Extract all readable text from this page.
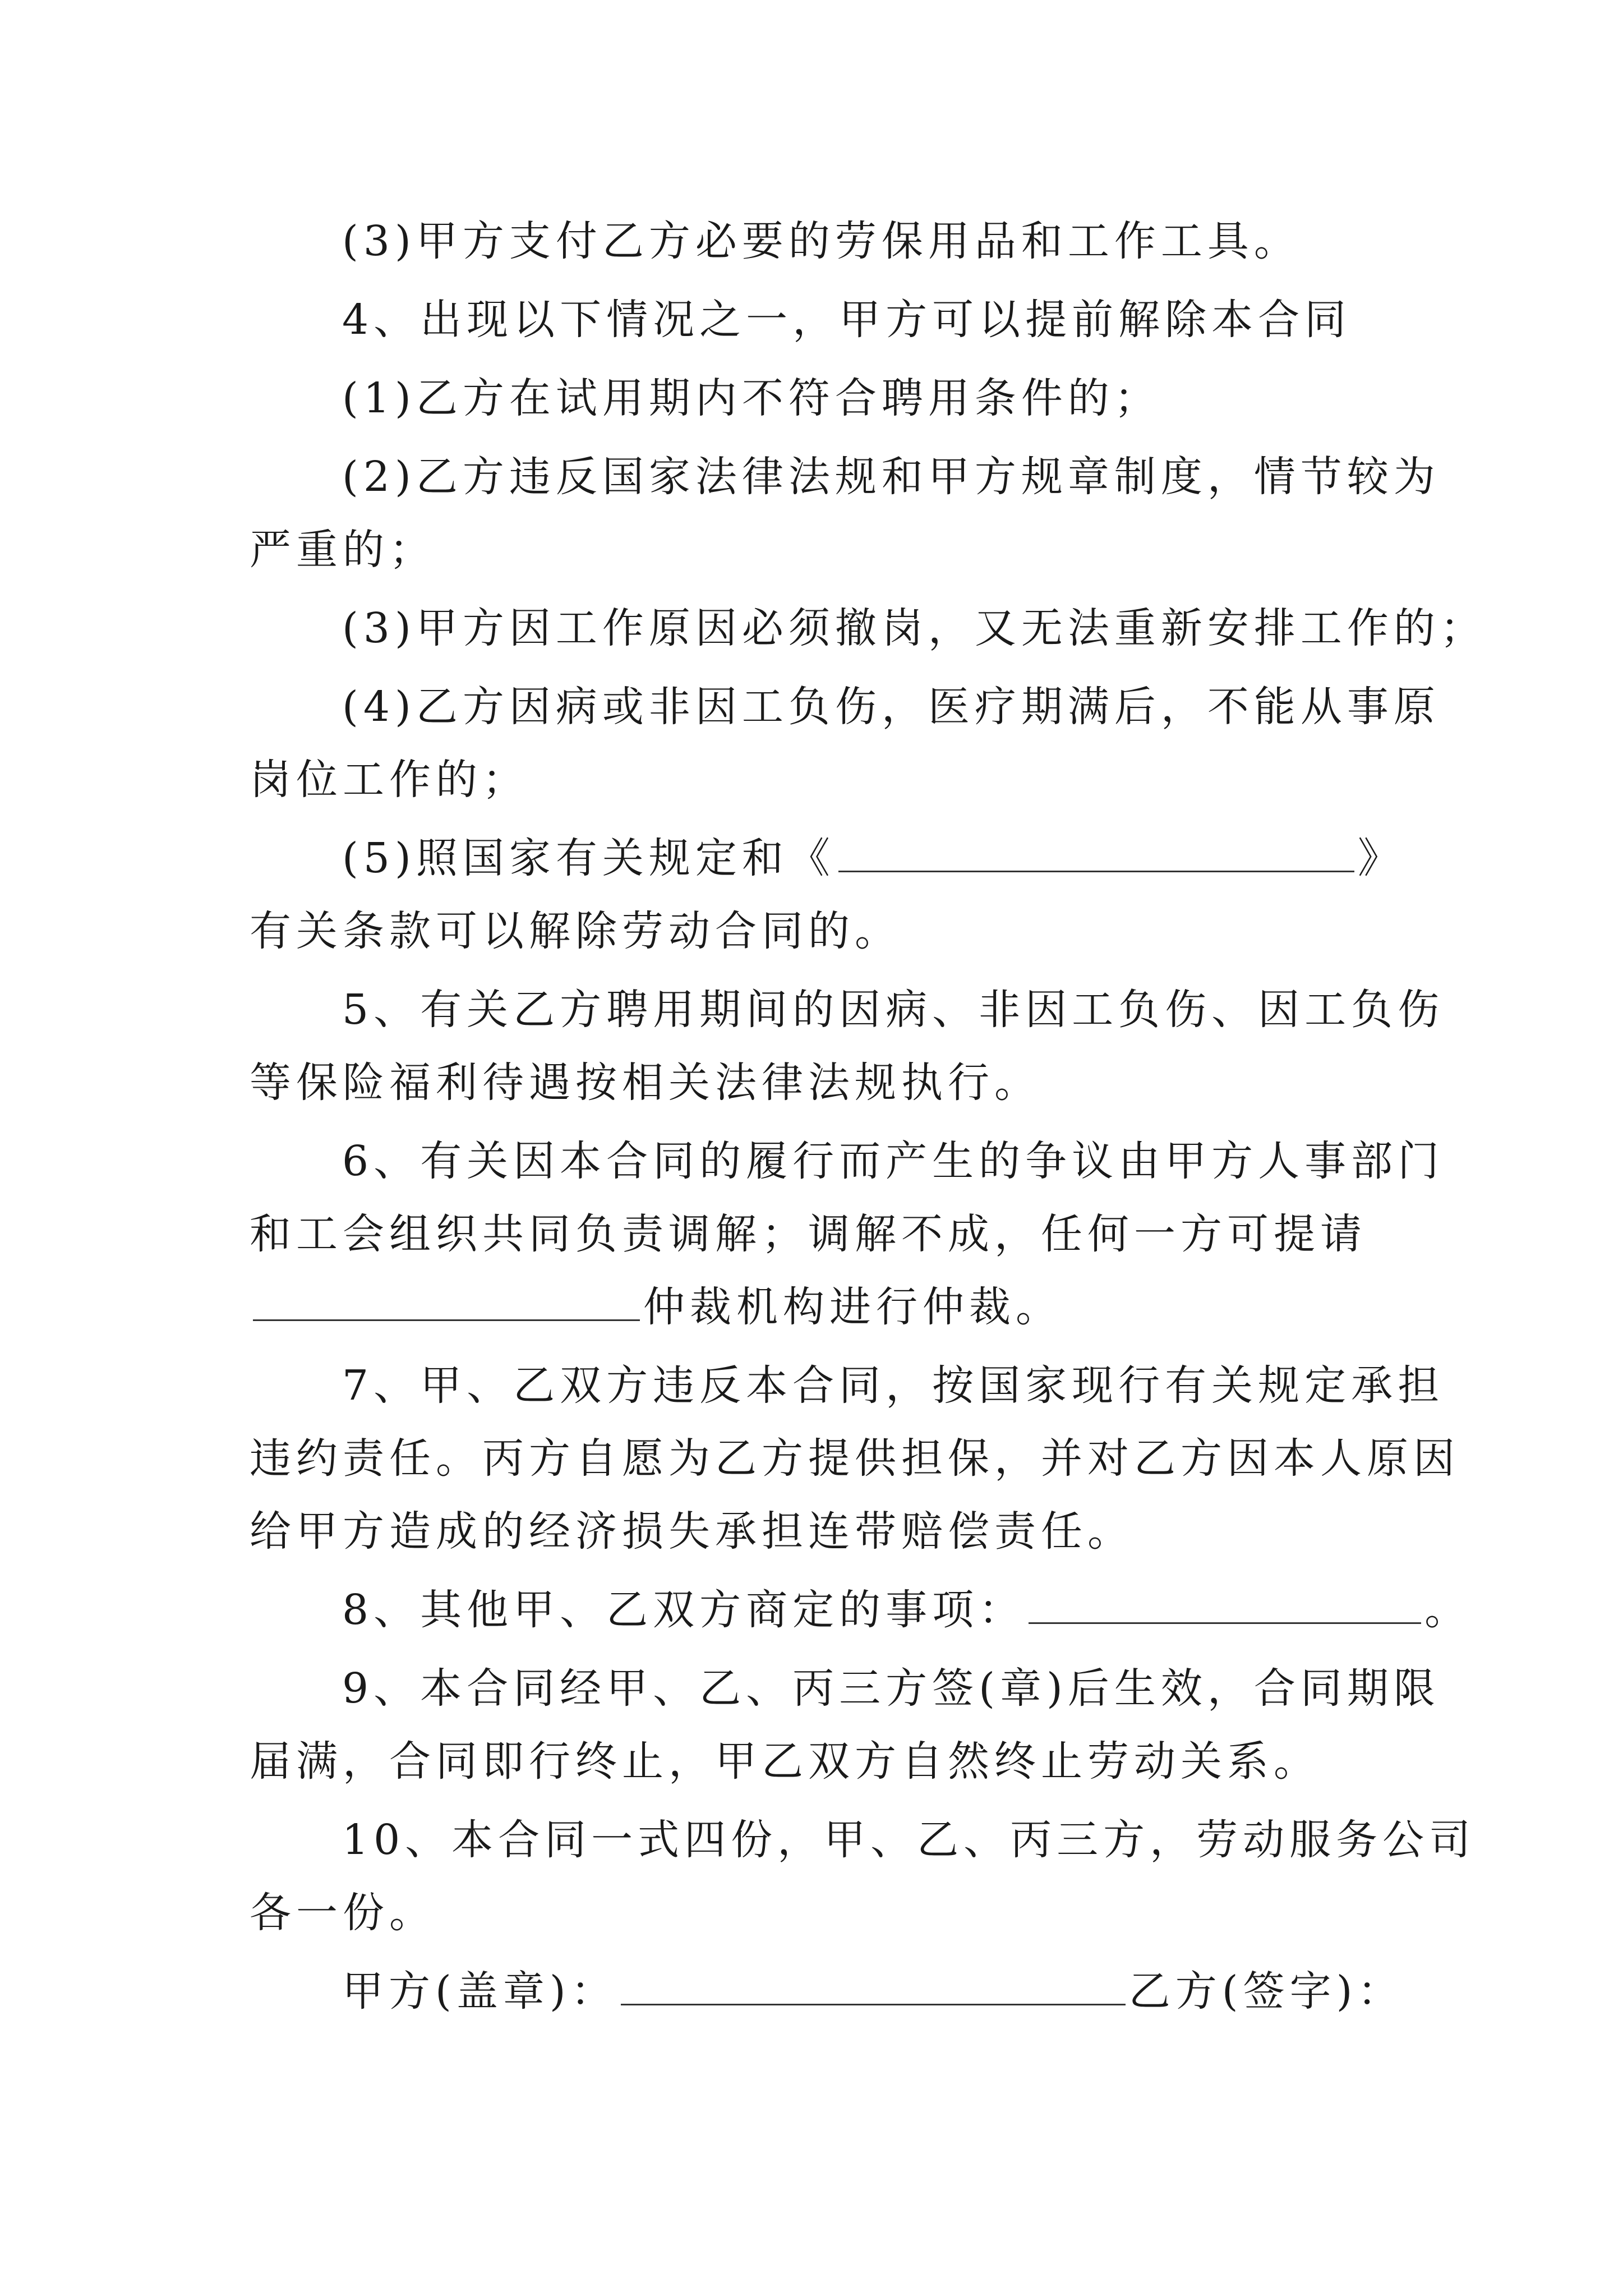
(3)甲方支付乙方必要的劳保用品和工作工具。
4、出现以下情况之一，甲方可以提前解除本合同
(1)乙方在试用期内不符合聘用条件的；
(2)乙方违反国家法律法规和甲方规章制度，情节较为
严重的；
(3)甲方因工作原因必须撤岗，又无法重新安排工作的；
(4)乙方因病或非因工负伤，医疗期满后，不能从事原
岗位工作的；
(5)照国家有关规定和《	》
有关条款可以解除劳动合同的。
5、有关乙方聘用期间的因病、非因工负伤、因工负伤
等保险福利待遇按相关法律法规执行。
6、有关因本合同的履行而产生的争议由甲方人事部门
和工会组织共同负责调解；调解不成，任何一方可提请
仲裁机构进行仲裁。
7、甲、乙双方违反本合同，按国家现行有关规定承担
违约责任。丙方自愿为乙方提供担保，并对乙方因本人原因
给甲方造成的经济损失承担连带赔偿责任。
8、其他甲、乙双方商定的事项：	。
9、本合同经甲、乙、丙三方签(章)后生效，合同期限
届满，合同即行终止，甲乙双方自然终止劳动关系。
10、本合同一式四份，甲、乙、丙三方，劳动服务公司
各一份。
甲方(盖章)：	乙方(签字)：
